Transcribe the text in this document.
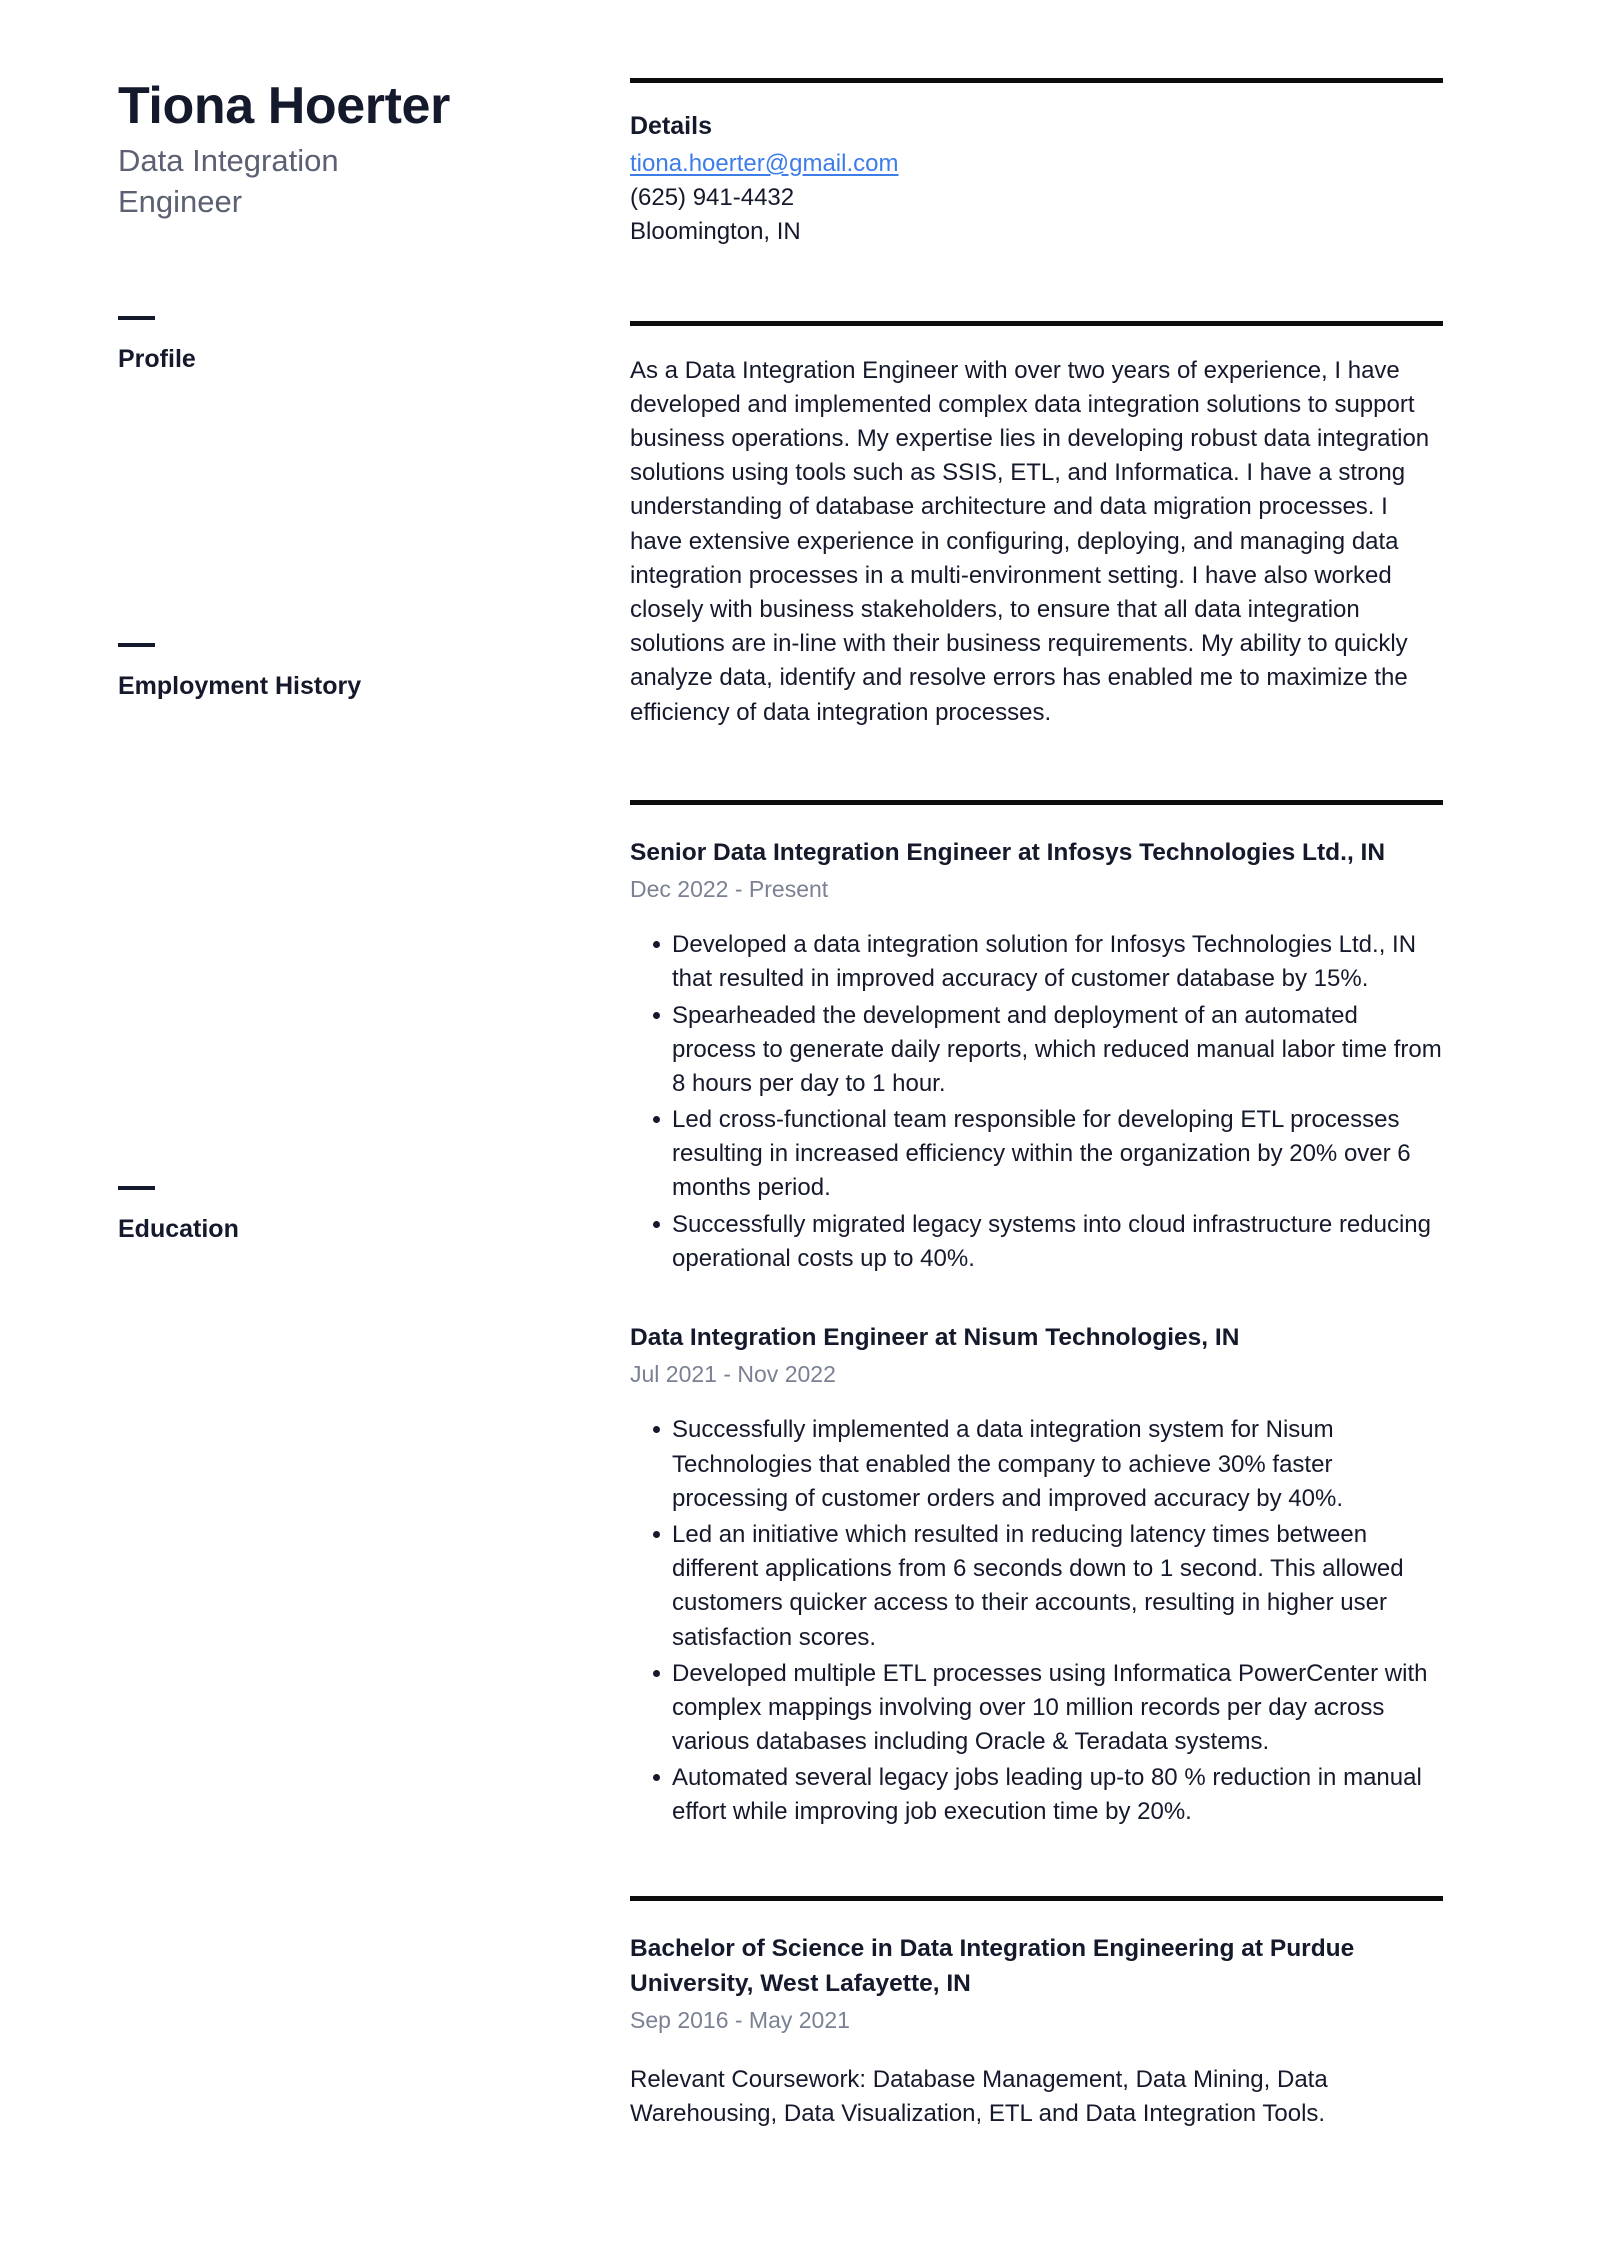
Tiona Hoerter
Data Integration Engineer
Profile
Employment History
Education
Details
tiona.hoerter@gmail.com
(625) 941-4432
Bloomington, IN

As a Data Integration Engineer with over two years of experience, I have developed and implemented complex data integration solutions to support business operations. My expertise lies in developing robust data integration solutions using tools such as SSIS, ETL, and Informatica. I have a strong understanding of database architecture and data migration processes. I have extensive experience in configuring, deploying, and managing data integration processes in a multi-environment setting. I have also worked closely with business stakeholders, to ensure that all data integration solutions are in-line with their business requirements. My ability to quickly analyze data, identify and resolve errors has enabled me to maximize the efficiency of data integration processes.

Senior Data Integration Engineer at Infosys Technologies Ltd., IN
Dec 2022 - Present
Developed a data integration solution for Infosys Technologies Ltd., IN that resulted in improved accuracy of customer database by 15%.
Spearheaded the development and deployment of an automated process to generate daily reports, which reduced manual labor time from 8 hours per day to 1 hour.
Led cross-functional team responsible for developing ETL processes resulting in increased efficiency within the organization by 20% over 6 months period.
Successfully migrated legacy systems into cloud infrastructure reducing operational costs up to 40%.
Data Integration Engineer at Nisum Technologies, IN
Jul 2021 - Nov 2022
Successfully implemented a data integration system for Nisum Technologies that enabled the company to achieve 30% faster processing of customer orders and improved accuracy by 40%.
Led an initiative which resulted in reducing latency times between different applications from 6 seconds down to 1 second. This allowed customers quicker access to their accounts, resulting in higher user satisfaction scores.
Developed multiple ETL processes using Informatica PowerCenter with complex mappings involving over 10 million records per day across various databases including Oracle & Teradata systems.
Automated several legacy jobs leading up-to 80 % reduction in manual effort while improving job execution time by 20%.
Bachelor of Science in Data Integration Engineering at Purdue University, West Lafayette, IN
Sep 2016 - May 2021

Relevant Coursework: Database Management, Data Mining, Data Warehousing, Data Visualization, ETL and Data Integration Tools.
